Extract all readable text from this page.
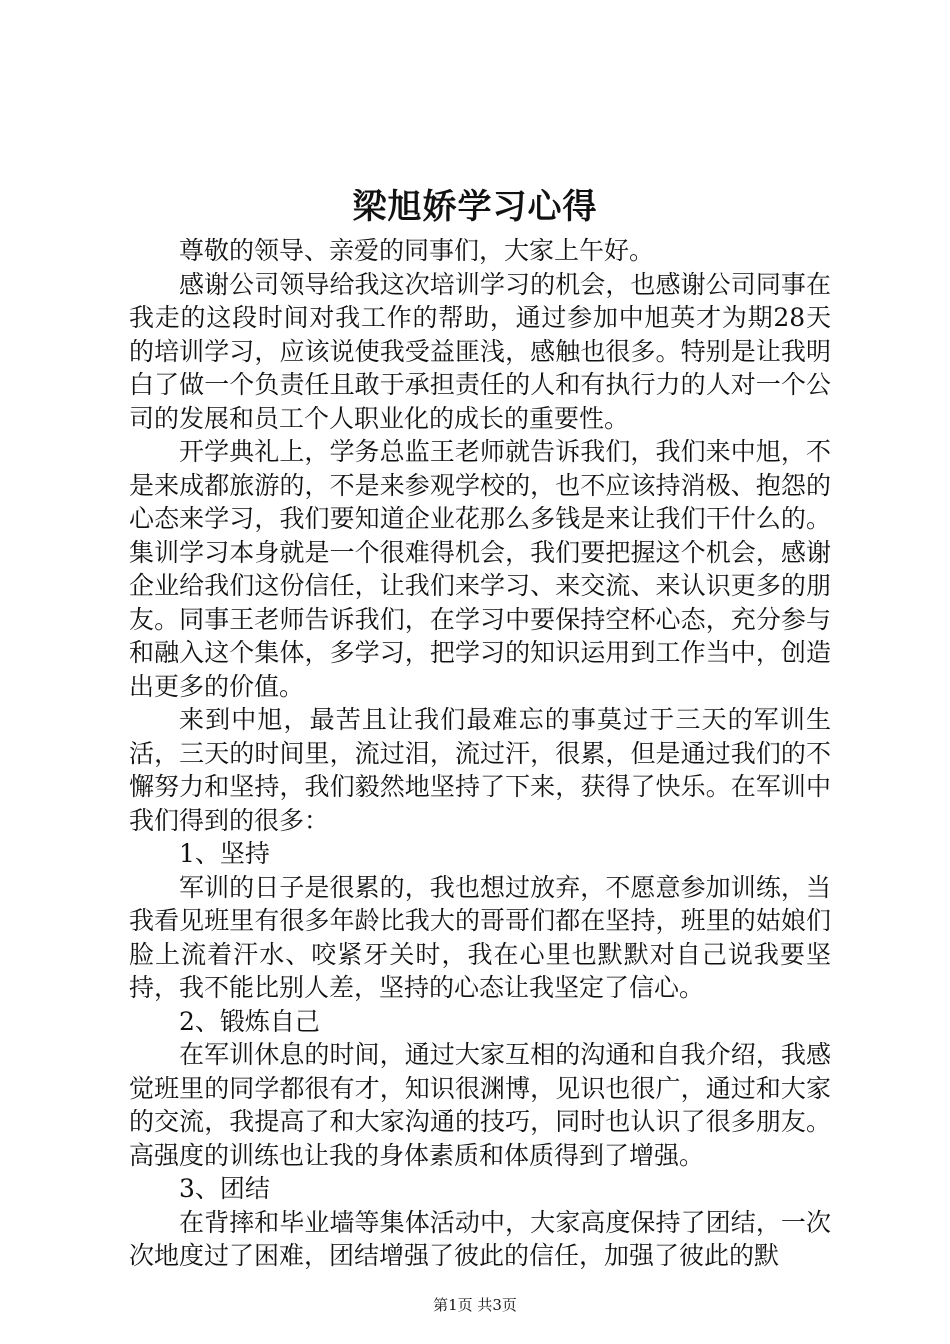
梁旭娇学习心得

尊敬的领导、亲爱的同事们，大家上午好。

感谢公司领导给我这次培训学习的机会，也感谢公司同事在我走的这段时间对我工作的帮助，通过参加中旭英才为期28天的培训学习，应该说使我受益匪浅，感触也很多。特别是让我明白了做一个负责任且敢于承担责任的人和有执行力的人对一个公司的发展和员工个人职业化的成长的重要性。

开学典礼上，学务总监王老师就告诉我们，我们来中旭，不是来成都旅游的，不是来参观学校的，也不应该持消极、抱怨的心态来学习，我们要知道企业花那么多钱是来让我们干什么的。集训学习本身就是一个很难得机会，我们要把握这个机会，感谢企业给我们这份信任，让我们来学习、来交流、来认识更多的朋友。同事王老师告诉我们，在学习中要保持空杯心态，充分参与和融入这个集体，多学习，把学习的知识运用到工作当中，创造出更多的价值。

来到中旭，最苦且让我们最难忘的事莫过于三天的军训生活，三天的时间里，流过泪，流过汗，很累，但是通过我们的不懈努力和坚持，我们毅然地坚持了下来，获得了快乐。在军训中我们得到的很多：

1、坚持

军训的日子是很累的，我也想过放弃，不愿意参加训练，当我看见班里有很多年龄比我大的哥哥们都在坚持，班里的姑娘们脸上流着汗水、咬紧牙关时，我在心里也默默对自己说我要坚持，我不能比别人差，坚持的心态让我坚定了信心。

2、锻炼自己

在军训休息的时间，通过大家互相的沟通和自我介绍，我感觉班里的同学都很有才，知识很渊博，见识也很广，通过和大家的交流，我提高了和大家沟通的技巧，同时也认识了很多朋友。高强度的训练也让我的身体素质和体质得到了增强。

3、团结

在背摔和毕业墙等集体活动中，大家高度保持了团结，一次次地度过了困难，团结增强了彼此的信任，加强了彼此的默

第1页 共3页
